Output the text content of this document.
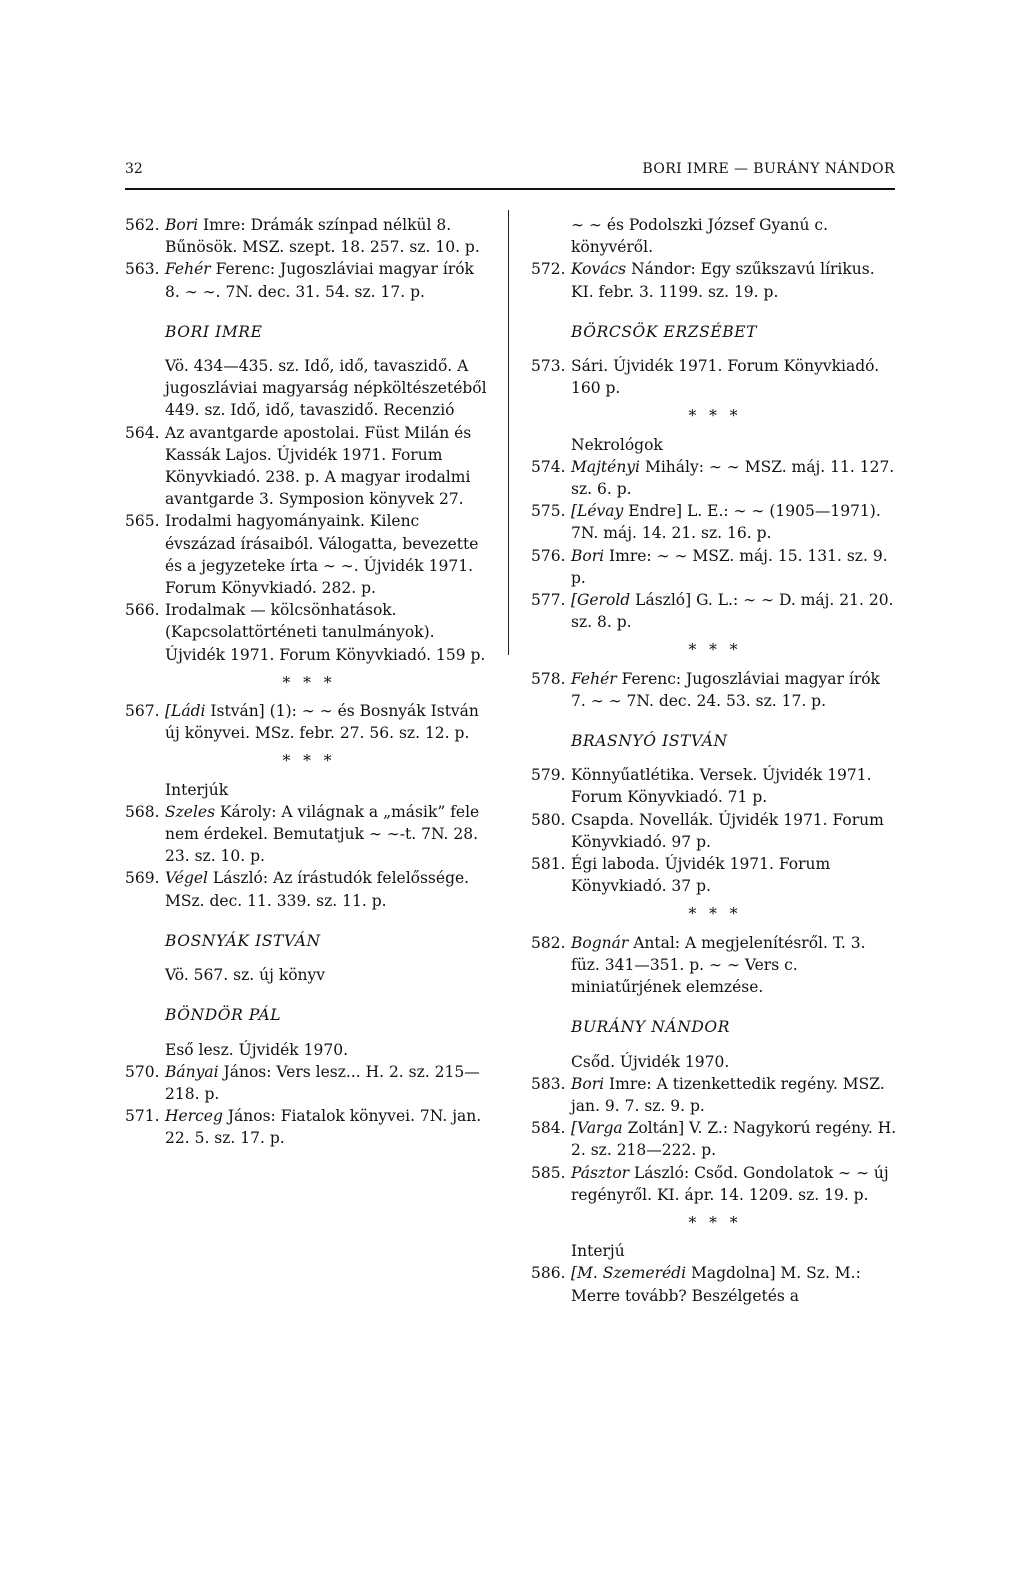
32	BORI IMRE — BURÁNY NÁNDOR

562. Bori Imre: Drámák színpad nélkül 8. Bűnösök. MSZ. szept. 18. 257. sz. 10. p.

563. Fehér Ferenc: Jugoszláviai magyar írók 8. ∼ ∼. 7N. dec. 31. 54. sz. 17. p.

BORI IMRE

Vö. 434—435. sz. Idő, idő, tavaszidő. A jugoszláviai magyarság népköltészetéből

449. sz. Idő, idő, tavaszidő. Recenzió

564. Az avantgarde apostolai. Füst Milán és Kassák Lajos. Újvidék 1971. Forum Könyvkiadó. 238. p. A magyar irodalmi avantgarde 3. Symposion könyvek 27.

565. Irodalmi hagyományaink. Kilenc évszázad írásaiból. Válogatta, bevezette és a jegyzeteke írta ∼ ∼. Újvidék 1971. Forum Könyvkiadó. 282. p.

566. Irodalmak — kölcsönhatások. (Kapcsolattörténeti tanulmányok). Újvidék 1971. Forum Könyvkiadó. 159 p.

* * *

567. [Ládi István] (1): ∼ ∼ és Bosnyák István új könyvei. MSz. febr. 27. 56. sz. 12. p.

* * *

Interjúk

568. Szeles Károly: A világnak a „másik” fele nem érdekel. Bemutatjuk ∼ ∼-t. 7N. 28. 23. sz. 10. p.

569. Végel László: Az írástudók felelőssége. MSz. dec. 11. 339. sz. 11. p.

BOSNYÁK ISTVÁN

Vö. 567. sz. új könyv

BÖNDÖR PÁL

Eső lesz. Újvidék 1970.

570. Bányai János: Vers lesz... H. 2. sz. 215—218. p.

571. Herceg János: Fiatalok könyvei. 7N. jan. 22. 5. sz. 17. p.

∼ ∼ és Podolszki József Gyanú c. könyvéről.

572. Kovács Nándor: Egy szűkszavú lírikus. KI. febr. 3. 1199. sz. 19. p.

BÖRCSÖK ERZSÉBET

573. Sári. Újvidék 1971. Forum Könyvkiadó. 160 p.

* * *

Nekrológok

574. Majtényi Mihály: ∼ ∼ MSZ. máj. 11. 127. sz. 6. p.

575. [Lévay Endre] L. E.: ∼ ∼ (1905—1971). 7N. máj. 14. 21. sz. 16. p.

576. Bori Imre: ∼ ∼ MSZ. máj. 15. 131. sz. 9. p.

577. [Gerold László] G. L.: ∼ ∼ D. máj. 21. 20. sz. 8. p.

* * *

578. Fehér Ferenc: Jugoszláviai magyar írók 7. ∼ ∼ 7N. dec. 24. 53. sz. 17. p.

BRASNYÓ ISTVÁN

579. Könnyűatlétika. Versek. Újvidék 1971. Forum Könyvkiadó. 71 p.

580. Csapda. Novellák. Újvidék 1971. Forum Könyvkiadó. 97 p.

581. Égi laboda. Újvidék 1971. Forum Könyvkiadó. 37 p.

* * *

582. Bognár Antal: A megjelenítésről. T. 3. füz. 341—351. p. ∼ ∼ Vers c. miniatűrjének elemzése.

BURÁNY NÁNDOR

Csőd. Újvidék 1970.

583. Bori Imre: A tizenkettedik regény. MSZ. jan. 9. 7. sz. 9. p.

584. [Varga Zoltán] V. Z.: Nagykorú regény. H. 2. sz. 218—222. p.

585. Pásztor László: Csőd. Gondolatok ∼ ∼ új regényről. KI. ápr. 14. 1209. sz. 19. p.

* * *

Interjú

586. [M. Szemerédi Magdolna] M. Sz. M.: Merre tovább? Beszélgetés a
